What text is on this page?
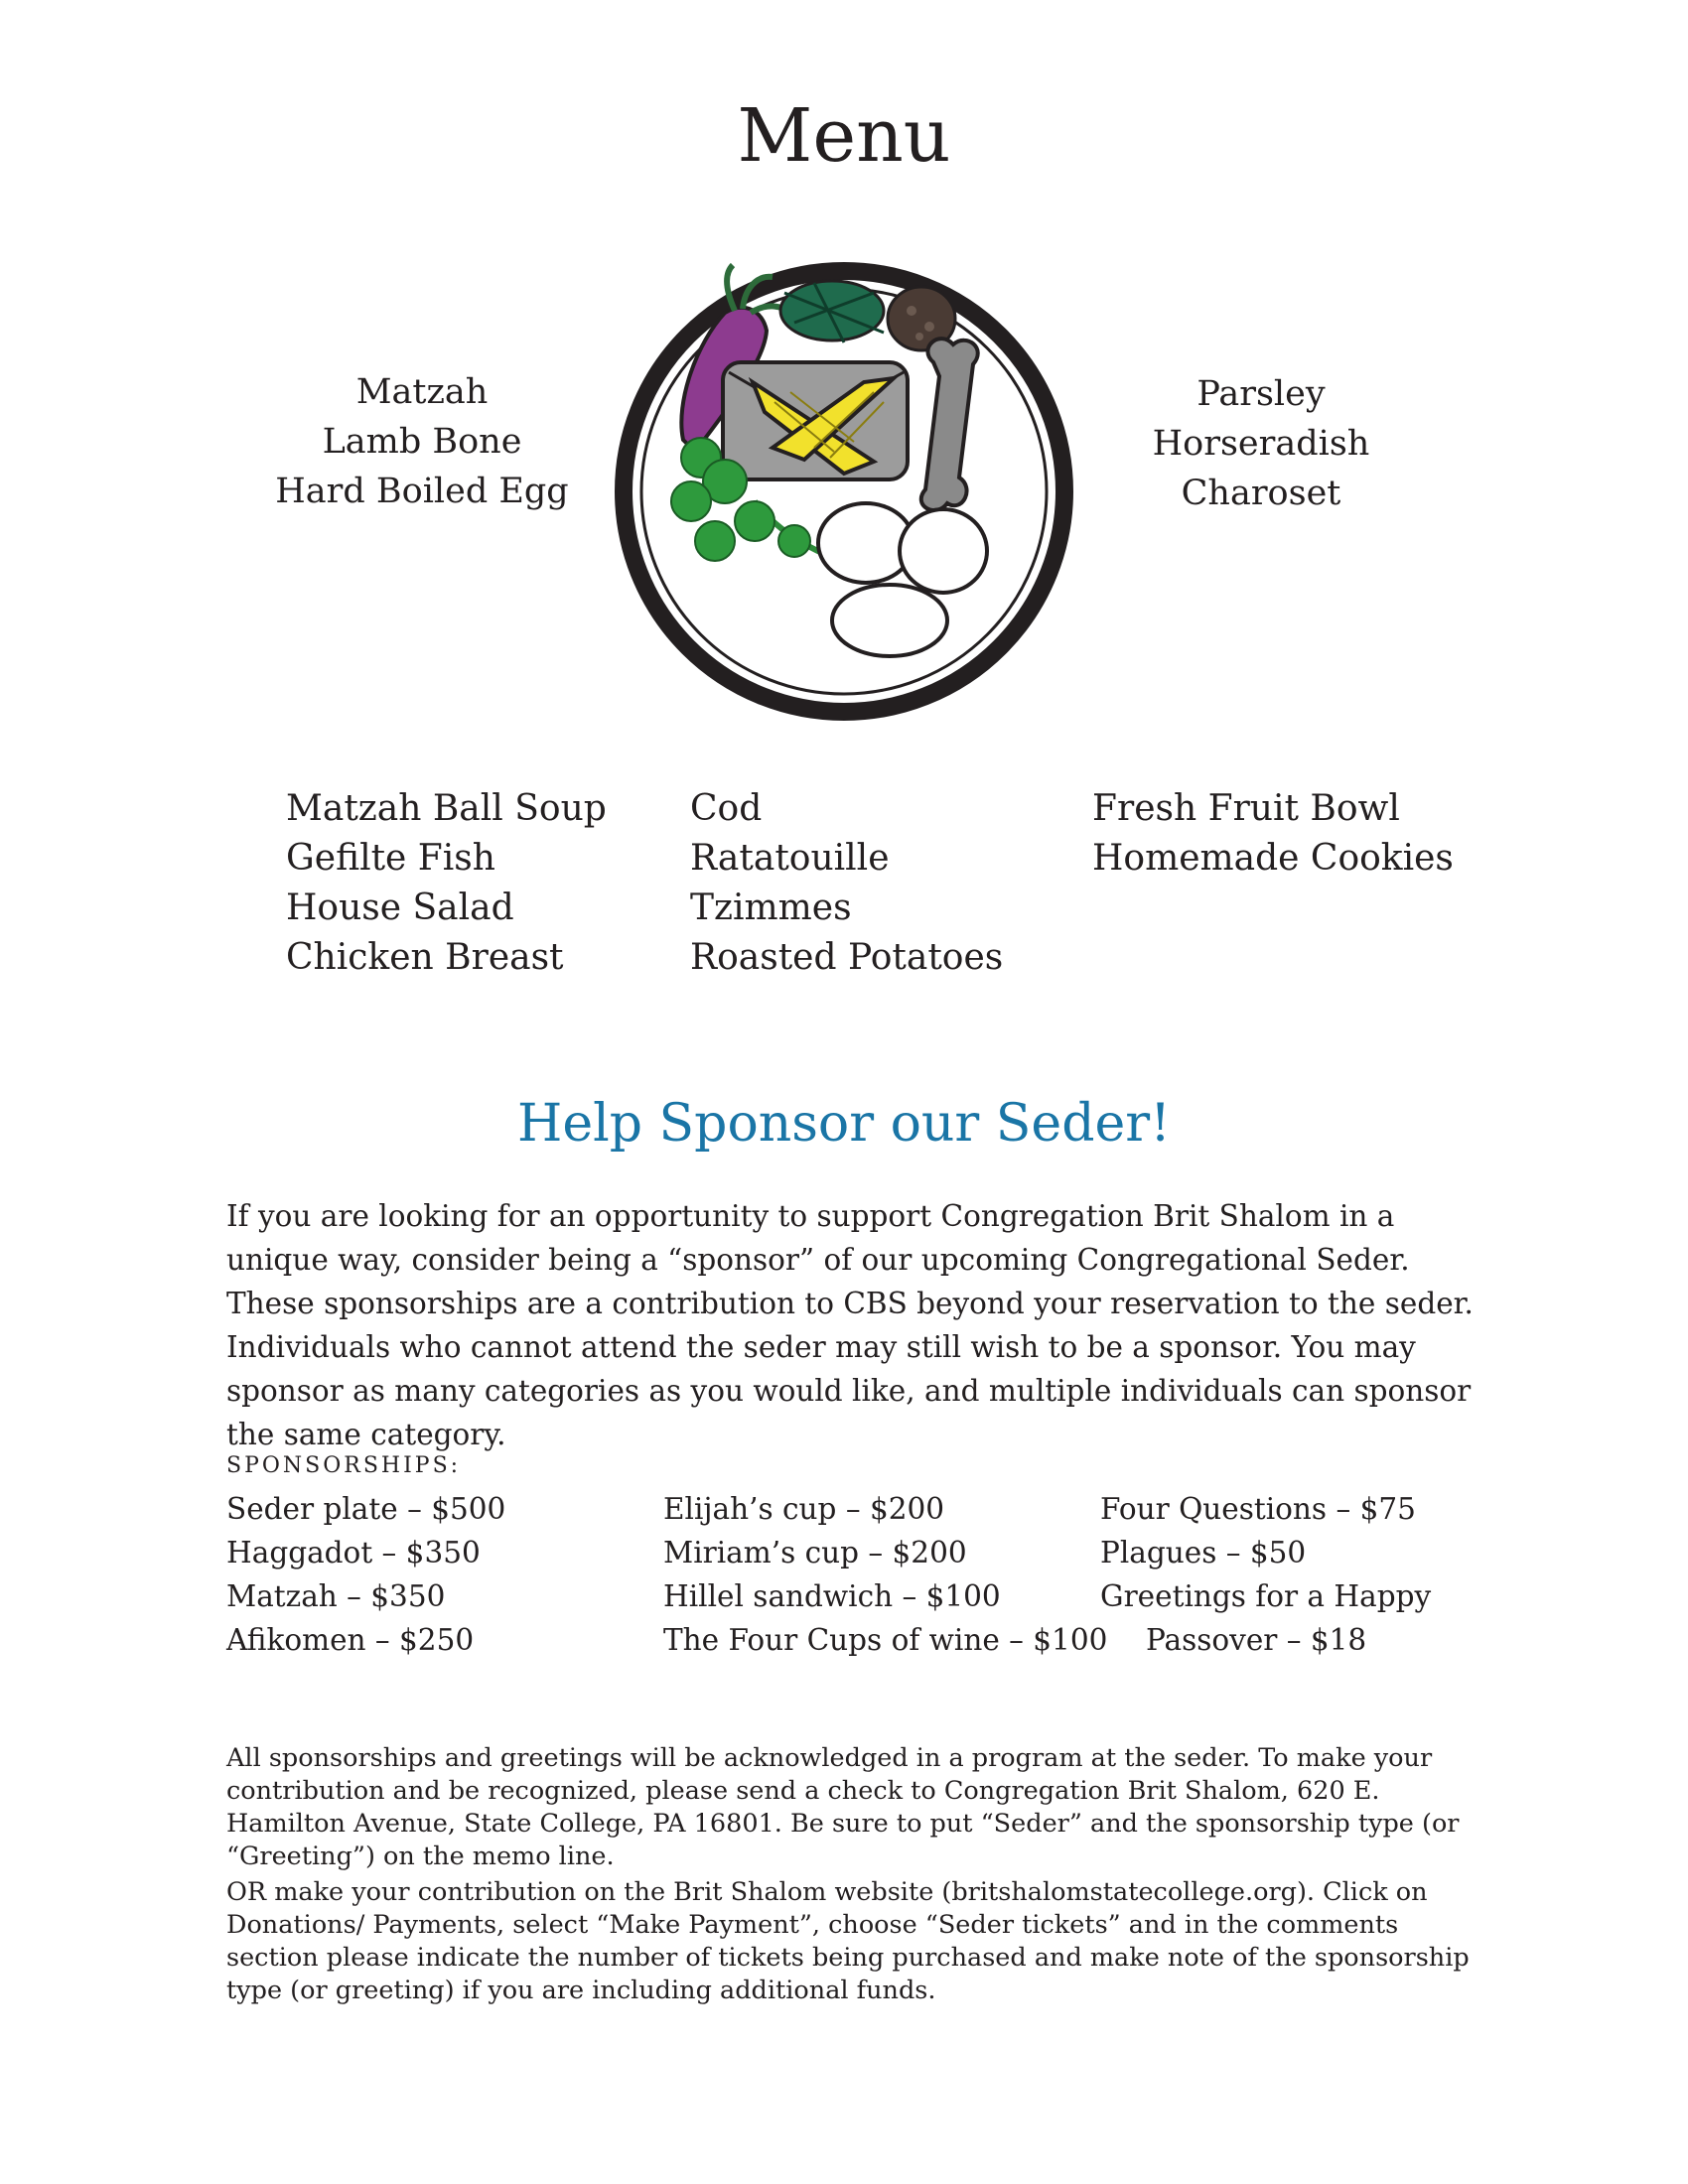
Menu
Matzah
Lamb Bone
Hard Boiled Egg
Parsley
Horseradish
Charoset
Matzah Ball Soup
Gefilte Fish
House Salad
Chicken Breast
Cod
Ratatouille
Tzimmes
Roasted Potatoes
Fresh Fruit Bowl
Homemade Cookies
Help Sponsor our Seder!

If you are looking for an opportunity to support Congregation Brit Shalom in a unique way, consider being a “sponsor” of our upcoming Congregational Seder. These sponsorships are a contribution to CBS beyond your reservation to the seder. Individuals who cannot attend the seder may still wish to be a sponsor. You may sponsor as many categories as you would like, and multiple individuals can sponsor the same category.

SPONSORSHIPS:
Seder plate – $500
Haggadot – $350
Matzah – $350
Afikomen – $250
Elijah’s cup – $200
Miriam’s cup – $200
Hillel sandwich – $100
The Four Cups of wine – $100
Four Questions – $75
Plagues – $50
Greetings for a Happy
Passover – $18

All sponsorships and greetings will be acknowledged in a program at the seder. To make your contribution and be recognized, please send a check to Congregation Brit Shalom, 620 E. Hamilton Avenue, State College, PA 16801. Be sure to put “Seder” and the sponsorship type (or “Greeting”) on the memo line.

OR make your contribution on the Brit Shalom website (britshalomstatecollege.org). Click on Donations/ Payments, select “Make Payment”, choose “Seder tickets” and in the comments section please indicate the number of tickets being purchased and make note of the sponsorship type (or greeting) if you are including additional funds.
